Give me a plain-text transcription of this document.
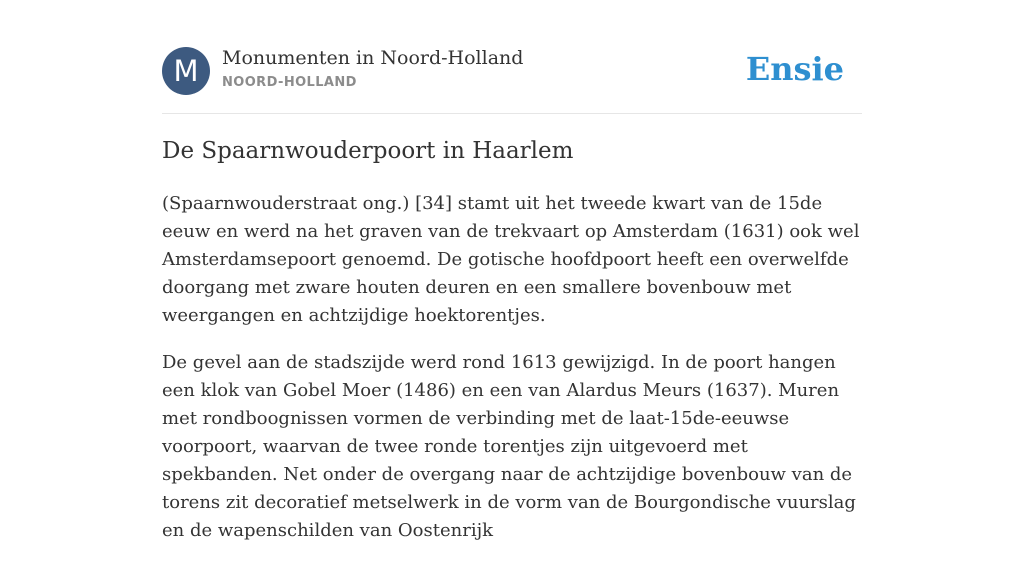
M	Monumenten in Noord-Holland
NOORD-HOLLAND	Ensie
De Spaarnwouderpoort in Haarlem

(Spaarnwouderstraat ong.) [34] stamt uit het tweede kwart van de 15de eeuw en werd na het graven van de trekvaart op Amsterdam (1631) ook wel Amsterdamsepoort genoemd. De gotische hoofdpoort heeft een overwelfde doorgang met zware houten deuren en een smallere bovenbouw met weergangen en achtzijdige hoektorentjes.

De gevel aan de stadszijde werd rond 1613 gewijzigd. In de poort hangen een klok van Gobel Moer (1486) en een van Alardus Meurs (1637). Muren met rondboognissen vormen de verbinding met de laat-15de-eeuwse voorpoort, waarvan de twee ronde torentjes zijn uitgevoerd met spekbanden. Net onder de overgang naar de achtzijdige bovenbouw van de torens zit decoratief metselwerk in de vorm van de Bourgondische vuurslag en de wapenschilden van Oostenrijk
